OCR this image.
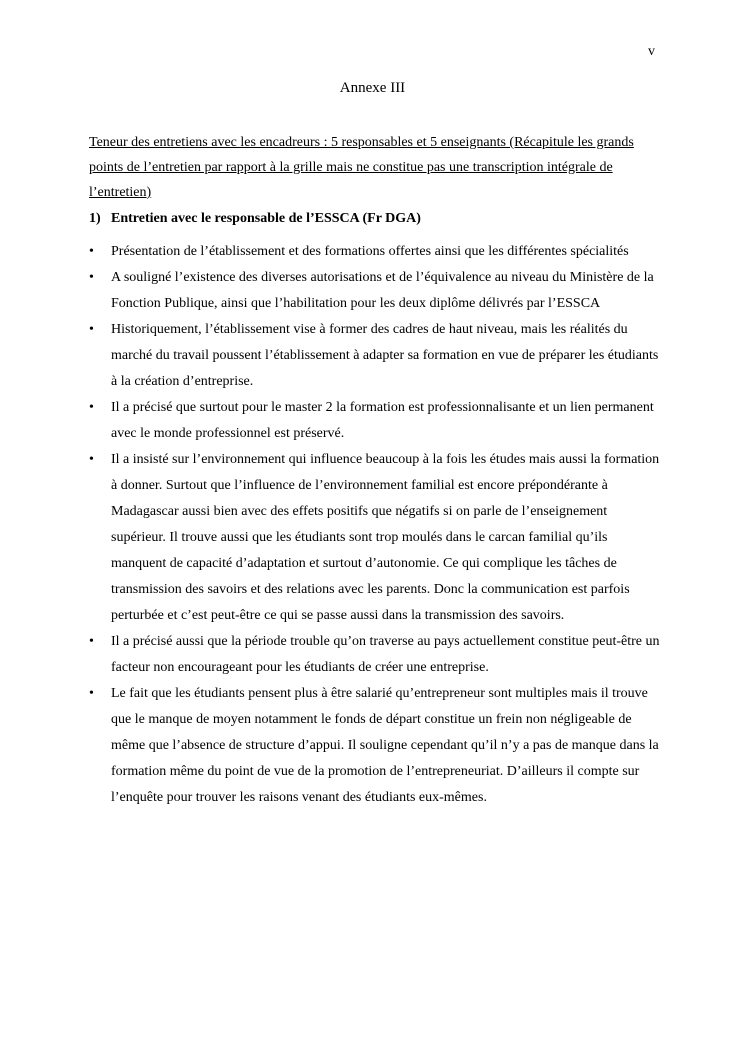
v
Annexe III
Teneur des entretiens avec les encadreurs : 5 responsables et 5 enseignants (Récapitule les grands points de l’entretien par rapport à la grille mais ne constitue pas une transcription intégrale de l’entretien)
1) Entretien avec le responsable de l’ESSCA (Fr DGA)
•	Présentation de l’établissement et des formations offertes ainsi que les différentes spécialités
•	A souligné l’existence des diverses autorisations et de l’équivalence au niveau du Ministère de la Fonction Publique, ainsi que l’habilitation pour les deux diplôme délivrés par l’ESSCA
•	Historiquement, l’établissement vise à former des cadres de haut niveau, mais les réalités du marché du travail poussent l’établissement à adapter sa formation en vue de préparer les étudiants à la création d’entreprise.
•	Il a précisé que surtout pour le master 2 la formation est professionnalisante et un lien permanent avec le monde professionnel est préservé.
•	Il a insisté sur l’environnement qui influence beaucoup à la fois les études mais aussi la formation à donner. Surtout que l’influence de l’environnement familial est encore prépondérante à Madagascar aussi bien avec des effets positifs que négatifs si on parle de l’enseignement supérieur. Il trouve aussi que les étudiants sont trop moulés dans le carcan familial qu’ils manquent de capacité d’adaptation et surtout d’autonomie. Ce qui complique les tâches de transmission des savoirs et des relations avec les parents. Donc la communication est parfois perturbée et c’est peut-être ce qui se passe aussi dans la transmission des savoirs.
•	Il a précisé aussi que la période trouble qu’on traverse au pays actuellement constitue peut-être un facteur non encourageant pour les étudiants de créer une entreprise.
•	Le fait que les étudiants pensent plus à être salarié qu’entrepreneur sont multiples mais il trouve que le manque de moyen notamment le fonds de départ constitue un frein non négligeable de même que l’absence de structure d’appui. Il souligne cependant qu’il n’y a pas de manque dans la formation même du point de vue de la promotion de l’entrepreneuriat. D’ailleurs il compte sur l’enquête pour trouver les raisons venant des étudiants eux-mêmes.
